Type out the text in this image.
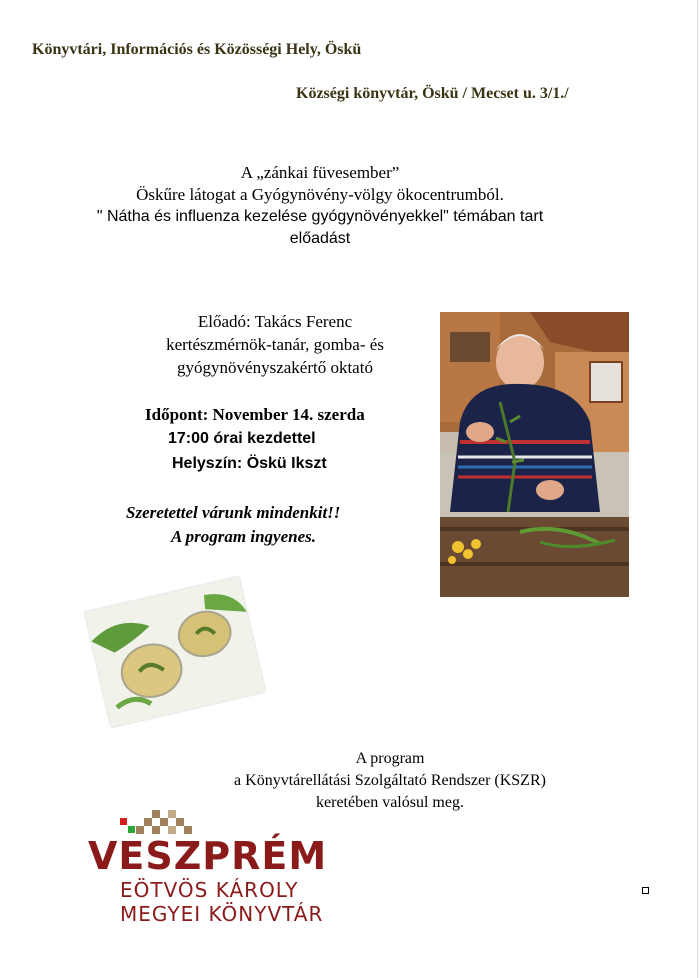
Könyvtári, Információs és Közösségi Hely, Öskü
Községi könyvtár, Öskü / Mecset u. 3/1./
A „zánkai füvesember”
Öskűre látogat a Gyógynövény-völgy ökocentrumból.
" Nátha és influenza kezelése gyógynövényekkel" témában tart
előadást
Előadó: Takács Ferenc
kertészmérnök-tanár, gomba- és
gyógynövényszakértő oktató
Időpont: November 14. szerda
17:00 órai kezdettel
Helyszín: Öskü Ikszt
Szeretettel várunk mindenkit!!
A program ingyenes.
A program
a Könyvtárellátási Szolgáltató Rendszer (KSZR)
keretében valósul meg.
VESZPRÉM
EÖTVÖS KÁROLY
MEGYEI KÖNYVTÁR
